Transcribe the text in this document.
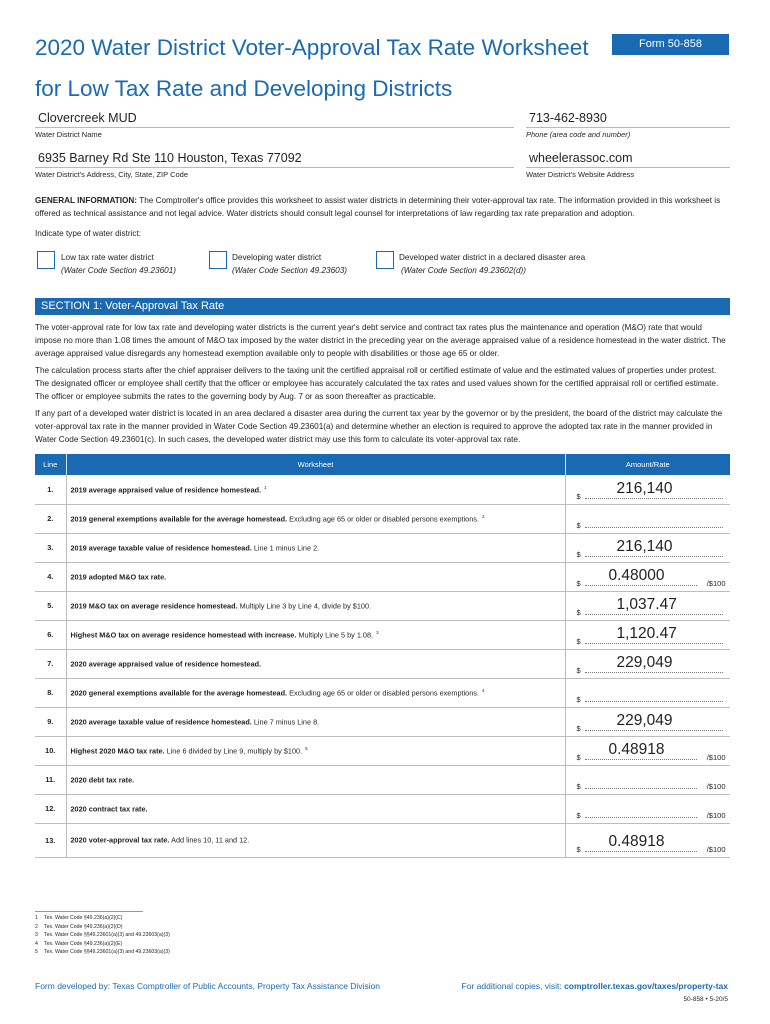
2020 Water District Voter-Approval Tax Rate Worksheet
for Low Tax Rate and Developing Districts
Form 50-858
Clovercreek MUD
Water District Name
713-462-8930
Phone (area code and number)
6935 Barney Rd Ste 110 Houston, Texas 77092
Water District's Address, City, State, ZIP Code
wheelerassoc.com
Water District's Website Address
GENERAL INFORMATION: The Comptroller's office provides this worksheet to assist water districts in determining their voter-approval tax rate. The information provided in this worksheet is offered as technical assistance and not legal advice. Water districts should consult legal counsel for interpretations of law regarding tax rate preparation and adoption.
Indicate type of water district:
Low tax rate water district
(Water Code Section 49.23601)
Developing water district
(Water Code Section 49.23603)
Developed water district in a declared disaster area
(Water Code Section 49.23602(d))
SECTION 1: Voter-Approval Tax Rate
The voter-approval rate for low tax rate and developing water districts is the current year's debt service and contract tax rates plus the maintenance and operation (M&O) rate that would impose no more than 1.08 times the amount of M&O tax imposed by the water district in the preceding year on the average appraised value of a residence homestead in the water district. The average appraised value disregards any homestead exemption available only to people with disabilities or those age 65 or older.
The calculation process starts after the chief appraiser delivers to the taxing unit the certified appraisal roll or certified estimate of value and the estimated values of properties under protest. The designated officer or employee shall certify that the officer or employee has accurately calculated the tax rates and used values shown for the certified appraisal roll or certified estimate. The officer or employee submits the rates to the governing body by Aug. 7 or as soon thereafter as practicable.
If any part of a developed water district is located in an area declared a disaster area during the current tax year by the governor or by the president, the board of the district may calculate the voter-approval tax rate in the manner provided in Water Code Section 49.23601(a) and determine whether an election is required to approve the adopted tax rate in the manner provided in Water Code Section 49.23601(c). In such cases, the developed water district may use this form to calculate its voter-approval tax rate.
Line	Worksheet	Amount/Rate
1.	2019 average appraised value of residence homestead. $^1$	$ 216,140

2.	2019 general exemptions available for the average homestead. Excluding age 65 or older or disabled persons exemptions. $^2$	$

3.	2019 average taxable value of residence homestead. Line 1 minus Line 2.	$ 216,140

4.	2019 adopted M&O tax rate.	$ 0.48000 /$100

5.	2019 M&O tax on average residence homestead. Multiply Line 3 by Line 4, divide by $100.	$ 1,037.47

6.	Highest M&O tax on average residence homestead with increase. Multiply Line 5 by 1.08. $^3$	$ 1,120.47

7.	2020 average appraised value of residence homestead.	$ 229,049

8.	2020 general exemptions available for the average homestead. Excluding age 65 or older or disabled persons exemptions. $^4$	$

9.	2020 average taxable value of residence homestead. Line 7 minus Line 8.	$ 229,049

10.	Highest 2020 M&O tax rate. Line 6 divided by Line 9, multiply by $100. $^5$	$ 0.48918 /$100

11.	2020 debt tax rate.	$ /$100

12.	2020 contract tax rate.	$ /$100

13.	2020 voter-approval tax rate. Add lines 10, 11 and 12.	$ 0.48918 /$100
1 Tex. Water Code §49.236(a)(2)(C)
2 Tex. Water Code §49.236(a)(2)(D)
3 Tex. Water Code §§49.23601(a)(3) and 49.23603(a)(3)
4 Tex. Water Code §49.236(a)(2)(E)
5 Tex. Water Code §§49.23601(a)(3) and 49.23603(a)(3)
Form developed by: Texas Comptroller of Public Accounts, Property Tax Assistance Division	For additional copies, visit: comptroller.texas.gov/taxes/property-tax
50-858 • 5-20/5
